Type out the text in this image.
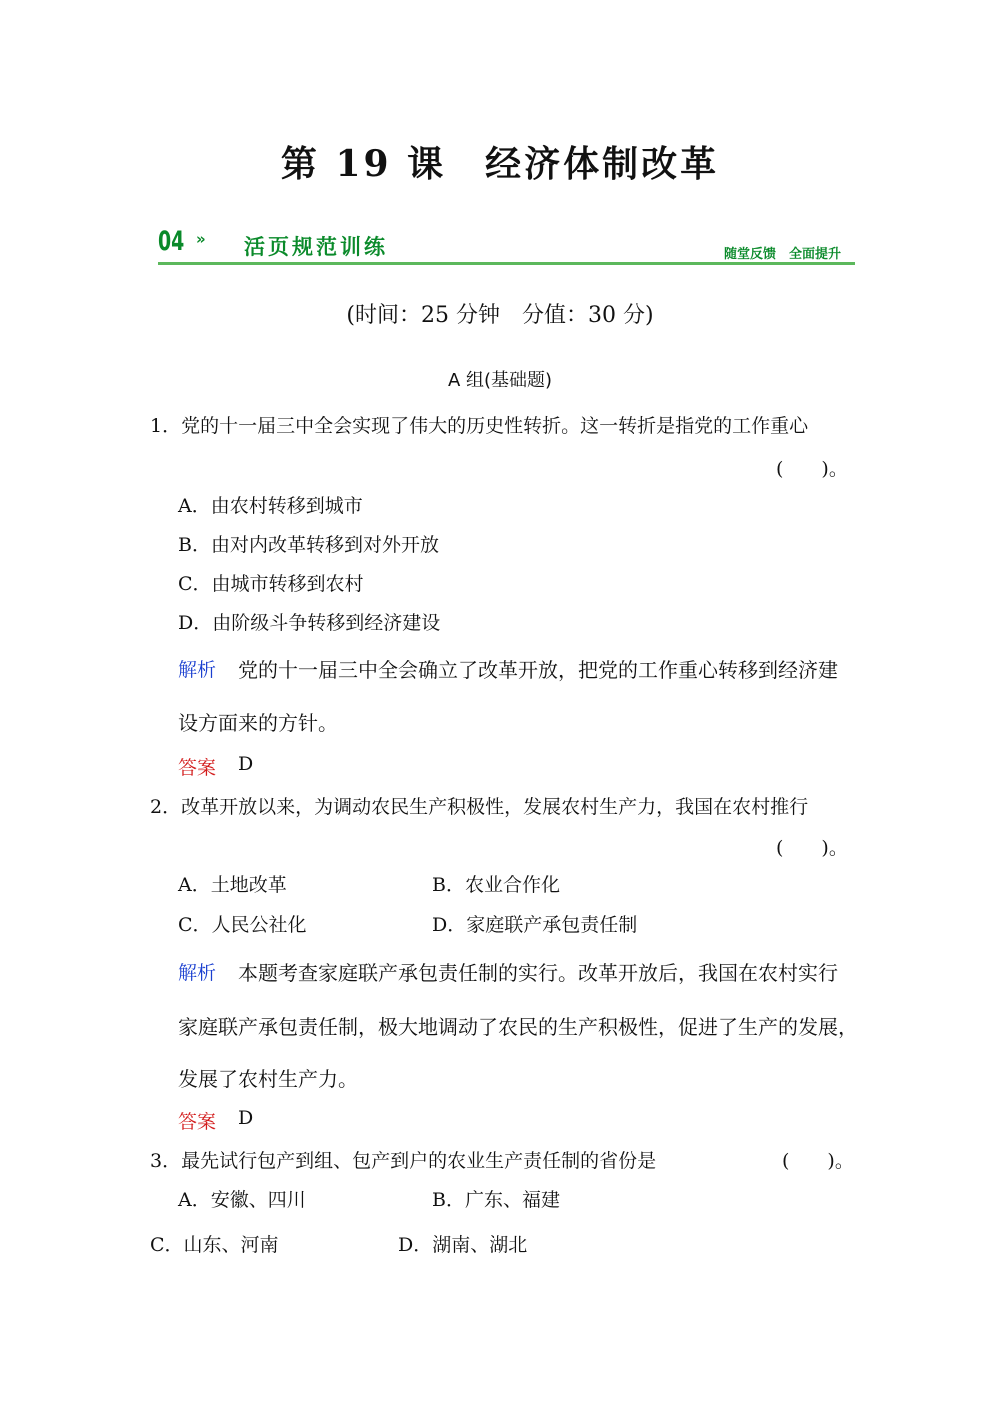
第 19 课　经济体制改革
04 » 活页规范训练	随堂反馈　全面提升
(时间：25 分钟　分值：30 分)
A 组(基础题)
1．党的十一届三中全会实现了伟大的历史性转折。这一转折是指党的工作重心
(　　)。
A．由农村转移到城市
B．由对内改革转移到对外开放
C．由城市转移到农村
D．由阶级斗争转移到经济建设
解析 党的十一届三中全会确立了改革开放，把党的工作重心转移到经济建
设方面来的方针。
答案 D
2．改革开放以来，为调动农民生产积极性，发展农村生产力，我国在农村推行
(　　)。
A．土地改革	B．农业合作化
C．人民公社化	D．家庭联产承包责任制
解析 本题考查家庭联产承包责任制的实行。改革开放后，我国在农村实行
家庭联产承包责任制，极大地调动了农民的生产积极性，促进了生产的发展，
发展了农村生产力。
答案 D
3．最先试行包产到组、包产到户的农业生产责任制的省份是	(　　)。
A．安徽、四川	B．广东、福建
C．山东、河南	D．湖南、湖北
